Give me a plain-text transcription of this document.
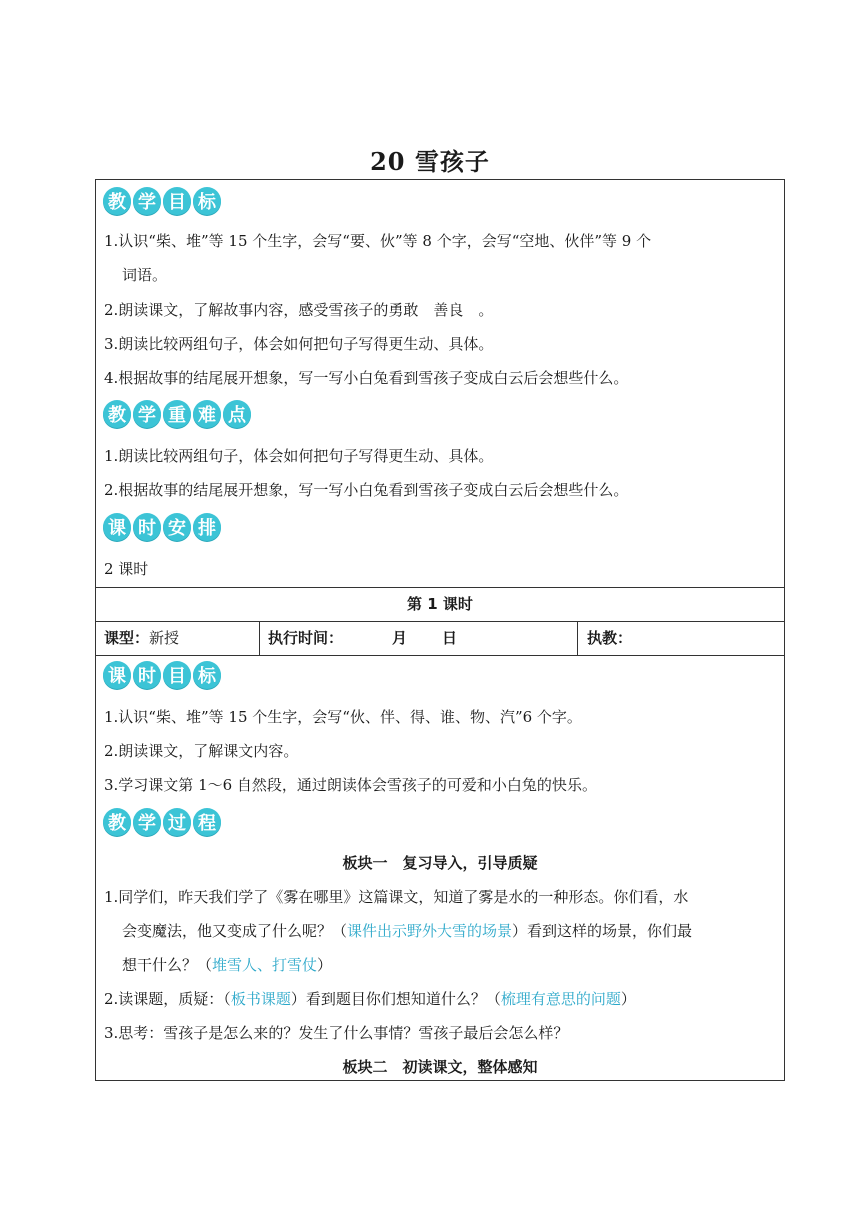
20 雪孩子
教 学 目 标
1.认识“柴、堆”等 15 个生字，会写“要、伙”等 8 个字，会写“空地、伙伴”等 9 个
词语。
2.朗读课文，了解故事内容，感受雪孩子的勇敢　善良　。
3.朗读比较两组句子，体会如何把句子写得更生动、具体。
4.根据故事的结尾展开想象，写一写小白兔看到雪孩子变成白云后会想些什么。
教 学 重 难 点
1.朗读比较两组句子，体会如何把句子写得更生动、具体。
2.根据故事的结尾展开想象，写一写小白兔看到雪孩子变成白云后会想些什么。
课 时 安 排
2 课时
第 1 课时
课型：新授	执行时间：	月 日	执教：
课 时 目 标
1.认识“柴、堆”等 15 个生字，会写“伙、伴、得、谁、物、汽”6 个字。
2.朗读课文，了解课文内容。
3.学习课文第 1～6 自然段，通过朗读体会雪孩子的可爱和小白兔的快乐。
教 学 过 程
板块一　复习导入，引导质疑
1.同学们，昨天我们学了《雾在哪里》这篇课文，知道了雾是水的一种形态。你们看，水
会变魔法，他又变成了什么呢？（课件出示野外大雪的场景）看到这样的场景，你们最
想干什么？（堆雪人、打雪仗）
2.读课题，质疑：（板书课题）看到题目你们想知道什么？（梳理有意思的问题）
3.思考：雪孩子是怎么来的？发生了什么事情？雪孩子最后会怎么样？
板块二　初读课文，整体感知
